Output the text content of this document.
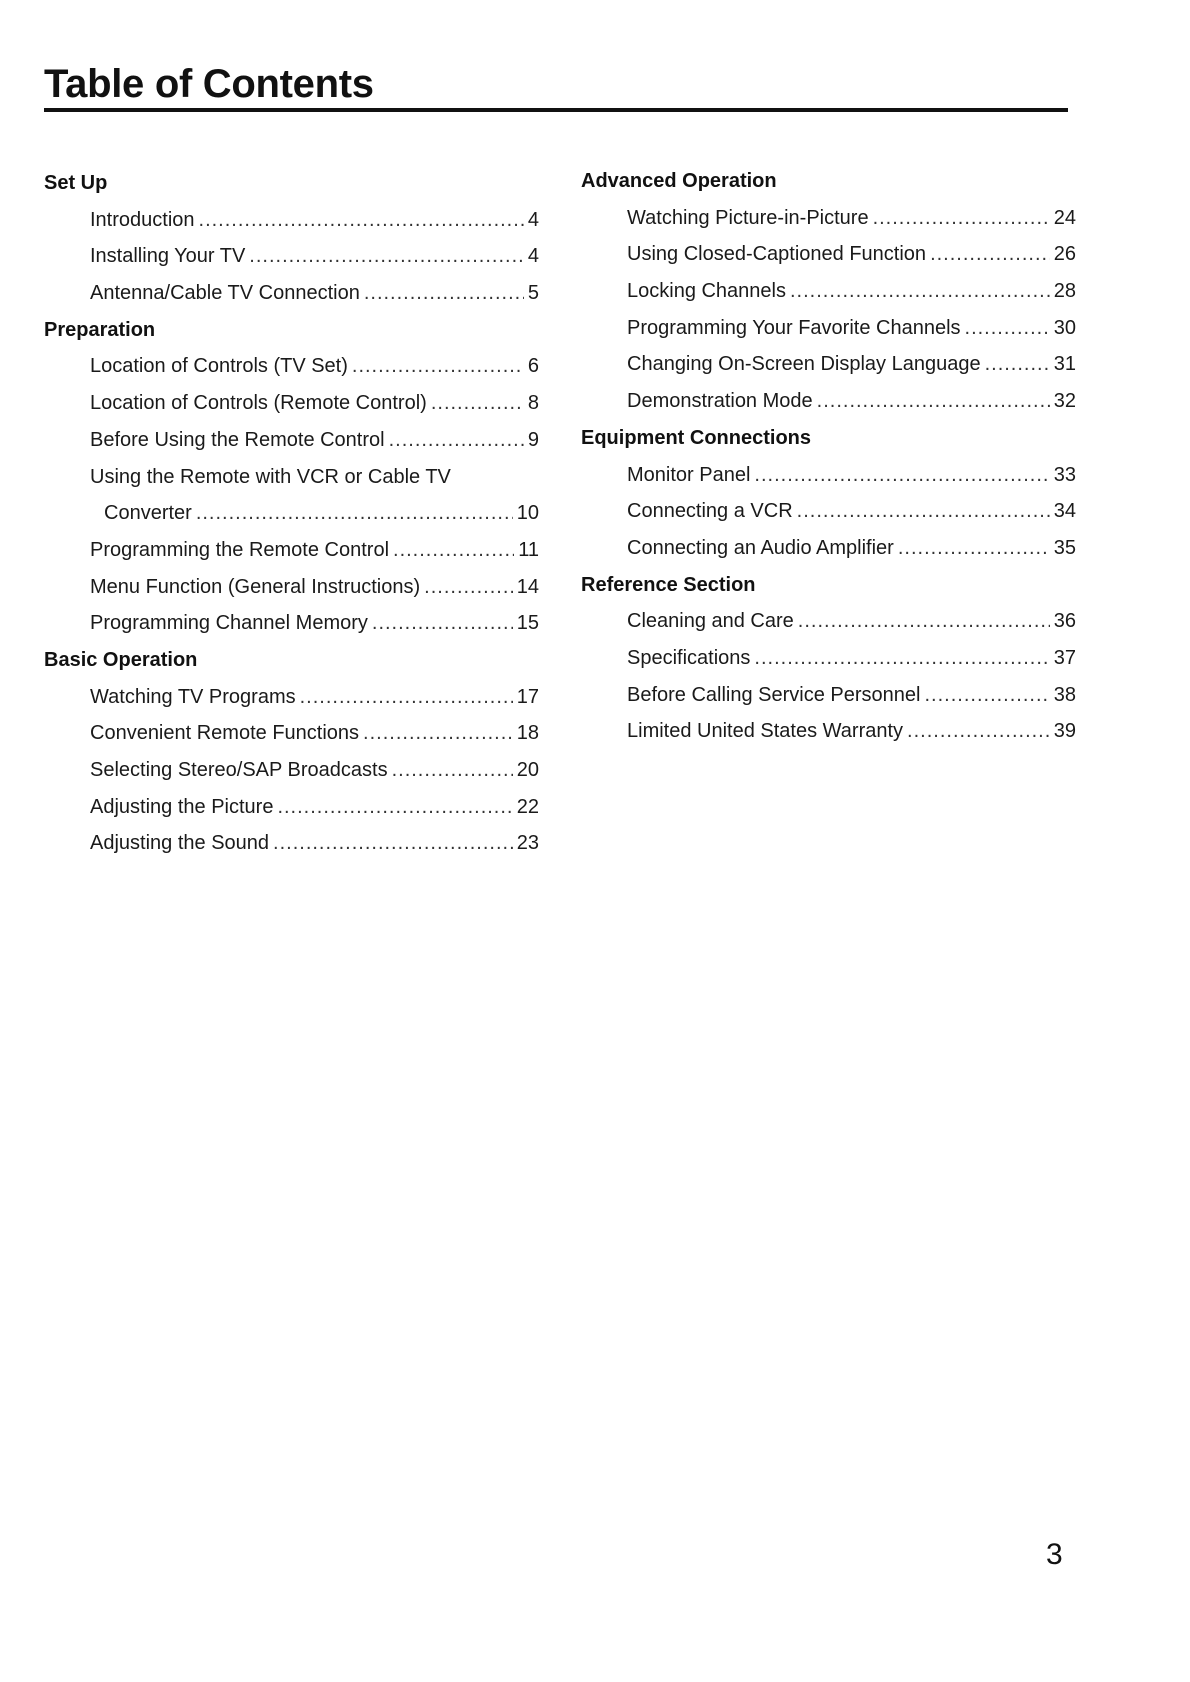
Table of Contents
Set Up
Introduction .....	4
Installing Your TV .....	4
Antenna/Cable TV Connection .....	5
Preparation
Location of Controls (TV Set) .....	6
Location of Controls (Remote Control) .....	8
Before Using the Remote Control .....	9
Using the Remote with VCR or Cable TV
Converter .....	10
Programming the Remote Control .....	11
Menu Function (General Instructions) .....	14
Programming Channel Memory .....	15
Basic Operation
Watching TV Programs .....	17
Convenient Remote Functions .....	18
Selecting Stereo/SAP Broadcasts .....	20
Adjusting the Picture .....	22
Adjusting the Sound .....	23
Advanced Operation
Watching Picture-in-Picture .....	24
Using Closed-Captioned Function .....	26
Locking Channels .....	28
Programming Your Favorite Channels .....	30
Changing On-Screen Display Language .....	31
Demonstration Mode .....	32
Equipment Connections
Monitor Panel .....	33
Connecting a VCR .....	34
Connecting an Audio Amplifier .....	35
Reference Section
Cleaning and Care .....	36
Specifications .....	37
Before Calling Service Personnel .....	38
Limited United States Warranty .....	39
3
